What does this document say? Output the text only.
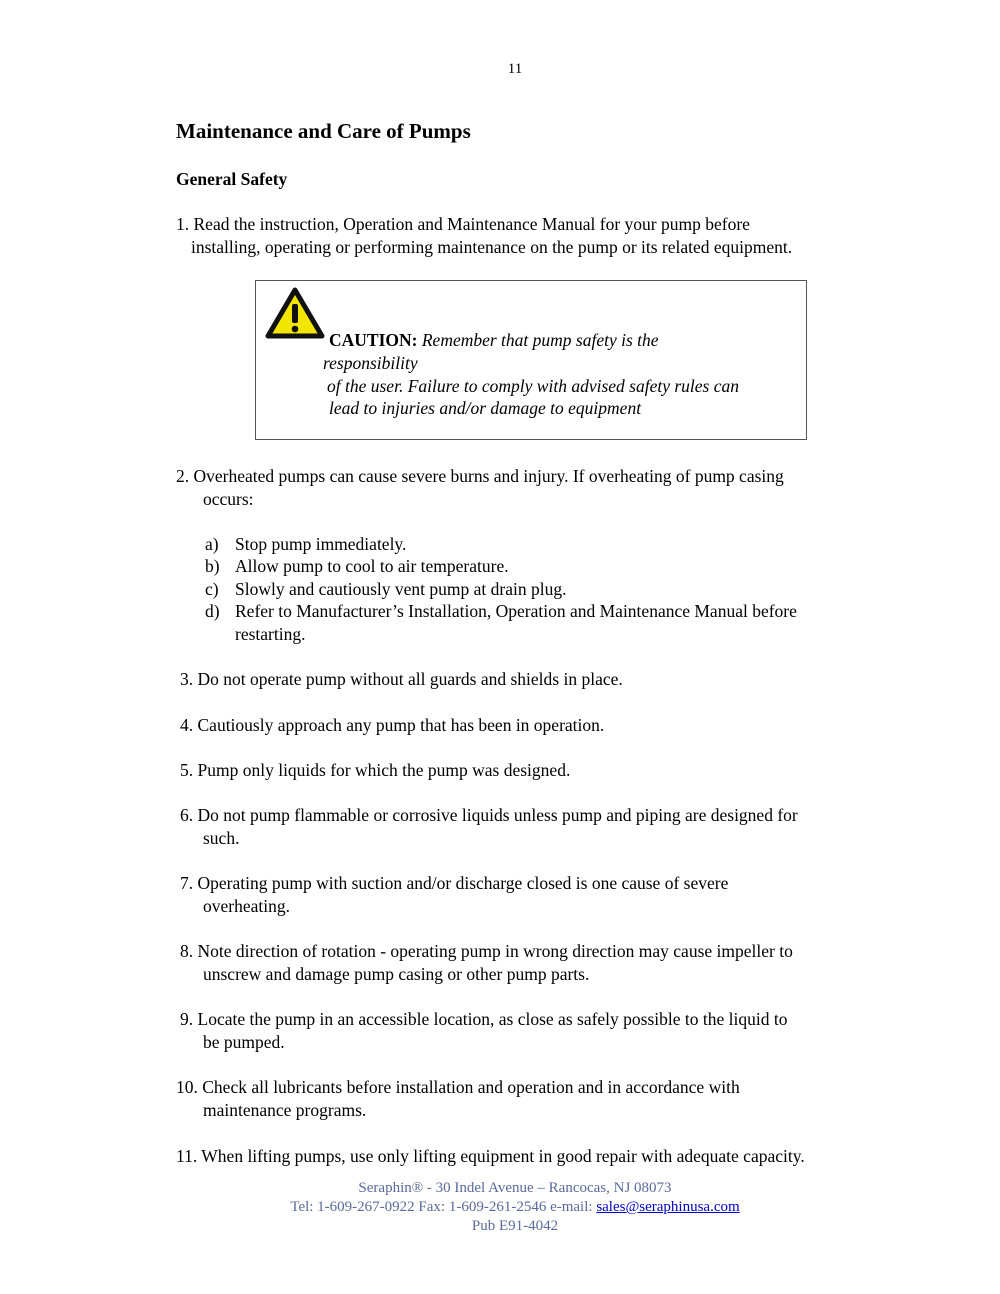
11
Maintenance and Care of Pumps
General Safety
1. Read the instruction, Operation and Maintenance Manual for your pump before
installing, operating or performing maintenance on the pump or its related equipment.
CAUTION: Remember that pump safety is the
responsibility
of the user. Failure to comply with advised safety rules can
lead to injuries and/or damage to equipment
2. Overheated pumps can cause severe burns and injury. If overheating of pump casing
occurs:
a) Stop pump immediately.
b) Allow pump to cool to air temperature.
c) Slowly and cautiously vent pump at drain plug.
d) Refer to Manufacturer’s Installation, Operation and Maintenance Manual before
restarting.
3. Do not operate pump without all guards and shields in place.
4. Cautiously approach any pump that has been in operation.
5. Pump only liquids for which the pump was designed.
6. Do not pump flammable or corrosive liquids unless pump and piping are designed for
such.
7. Operating pump with suction and/or discharge closed is one cause of severe
overheating.
8. Note direction of rotation - operating pump in wrong direction may cause impeller to
unscrew and damage pump casing or other pump parts.
9. Locate the pump in an accessible location, as close as safely possible to the liquid to
be pumped.
10. Check all lubricants before installation and operation and in accordance with
maintenance programs.
11. When lifting pumps, use only lifting equipment in good repair with adequate capacity.
Seraphin® - 30 Indel Avenue – Rancocas, NJ 08073
Tel: 1-609-267-0922 Fax: 1-609-261-2546 e-mail: sales@seraphinusa.com
Pub E91-4042
